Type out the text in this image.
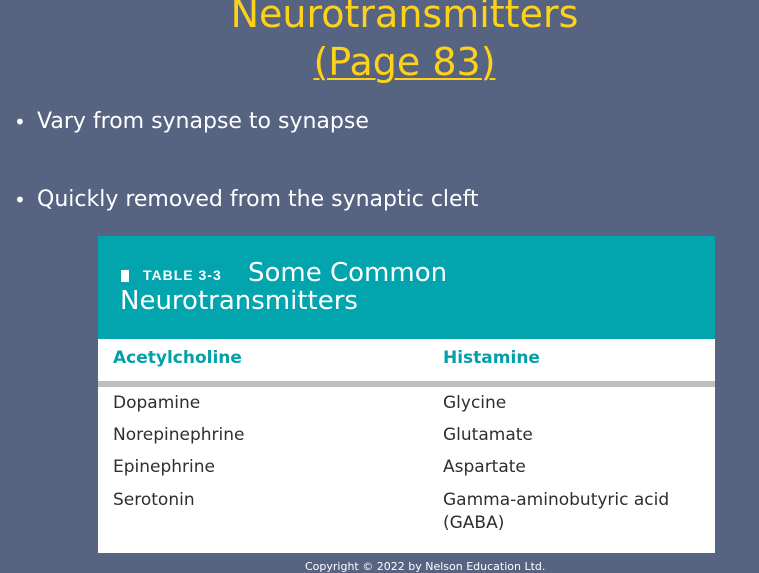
Neurotransmitters
(Page 83)
• Vary from synapse to synapse
• Quickly removed from the synaptic cleft
TABLE 3-3 Some Common
Neurotransmitters
Acetylcholine	Histamine
Dopamine
Norepinephrine
Epinephrine
Serotonin
Glycine
Glutamate
Aspartate
Gamma-aminobutyric acid
(GABA)
Copyright © 2022 by Nelson Education Ltd.
